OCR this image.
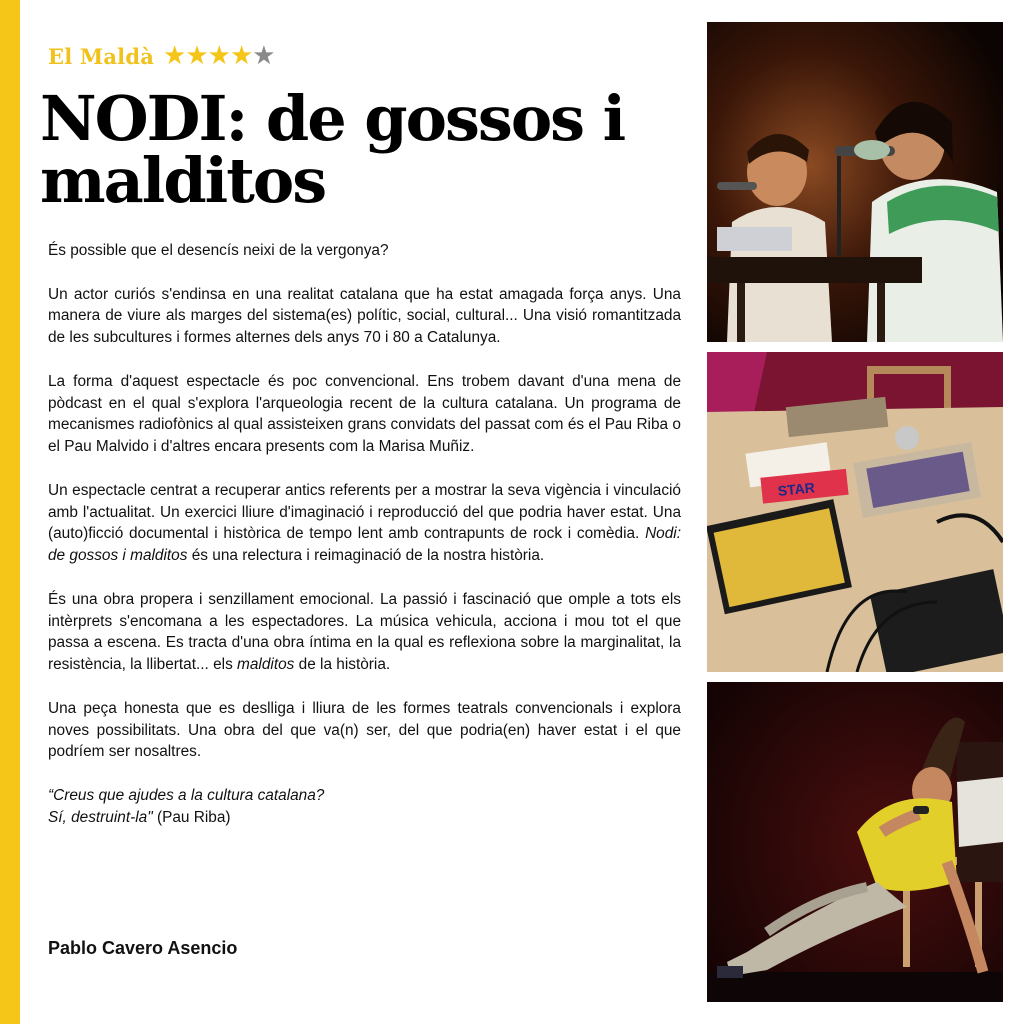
El Maldà ★★★★★
NODI: de gossos i malditos

És possible que el desencís neixi de la vergonya?

Un actor curiós s'endinsa en una realitat catalana que ha estat amagada força anys. Una manera de viure als marges del sistema(es) polític, social, cultural... Una visió romantitzada de les subcultures i formes alternes dels anys 70 i 80 a Catalunya.

La forma d'aquest espectacle és poc convencional. Ens trobem davant d'una mena de pòdcast en el qual s'explora l'arqueologia recent de la cultura catalana. Un programa de mecanismes radiofònics al qual assisteixen grans convidats del passat com és el Pau Riba o el Pau Malvido i d'altres encara presents com la Marisa Muñiz.

Un espectacle centrat a recuperar antics referents per a mostrar la seva vigència i vinculació amb l'actualitat. Un exercici lliure d'imaginació i reproducció del que podria haver estat. Una (auto)ficció documental i històrica de tempo lent amb contrapunts de rock i comèdia. Nodi: de gossos i malditos és una relectura i reimaginació de la nostra història.

És una obra propera i senzillament emocional. La passió i fascinació que omple a tots els intèrprets s'encomana a les espectadores. La música vehicula, acciona i mou tot el que passa a escena. Es tracta d'una obra íntima en la qual es reflexiona sobre la marginalitat, la resistència, la llibertat... els malditos de la història.

Una peça honesta que es deslliga i lliura de les formes teatrals convencionals i explora noves possibilitats. Una obra del que va(n) ser, del que podria(en) haver estat i el que podríem ser nosaltres.

“Creus que ajudes a la cultura catalana?
Sí, destruint-la" (Pau Riba)
Pablo Cavero Asencio
STAR
